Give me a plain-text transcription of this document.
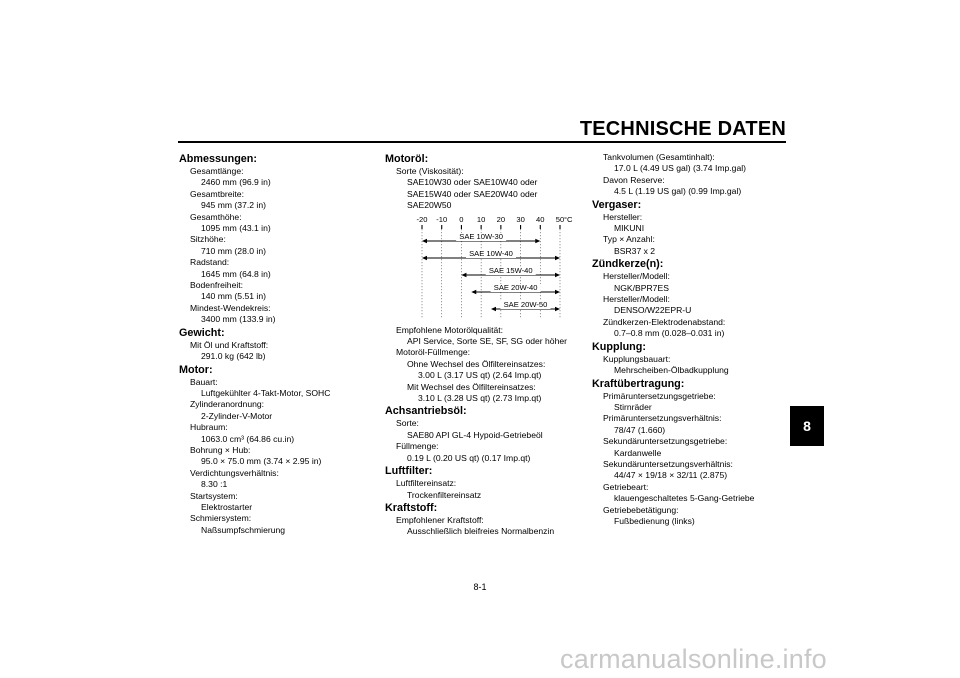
TECHNISCHE DATEN
8
Abmessungen:
Gesamtlänge:
2460 mm (96.9 in)
Gesamtbreite:
945 mm (37.2 in)
Gesamthöhe:
1095 mm (43.1 in)
Sitzhöhe:
710 mm (28.0 in)
Radstand:
1645 mm (64.8 in)
Bodenfreiheit:
140 mm (5.51 in)
Mindest-Wendekreis:
3400 mm (133.9 in)
Gewicht:
Mit Öl und Kraftstoff:
291.0 kg (642 lb)
Motor:
Bauart:
Luftgekühlter 4-Takt-Motor, SOHC
Zylinderanordnung:
2-Zylinder-V-Motor
Hubraum:
1063.0 cm³ (64.86 cu.in)
Bohrung × Hub:
95.0 × 75.0 mm (3.74 × 2.95 in)
Verdichtungsverhältnis:
8.30 :1
Startsystem:
Elektrostarter
Schmiersystem:
Naßsumpfschmierung
Motoröl:
Sorte (Viskosität):
SAE10W30 oder SAE10W40 oder
SAE15W40 oder SAE20W40 oder
SAE20W50
-20 -10 0 10 20 30 40 50 °C
SAE 10W-30
SAE 10W-40
SAE 15W-40
SAE 20W-40
SAE 20W-50
Empfohlene Motorölqualität:
API Service, Sorte SE, SF, SG oder höher
Motoröl-Füllmenge:
Ohne Wechsel des Ölfiltereinsatzes:
3.00 L (3.17 US qt) (2.64 Imp.qt)
Mit Wechsel des Ölfiltereinsatzes:
3.10 L (3.28 US qt) (2.73 Imp.qt)
Achsantriebsöl:
Sorte:
SAE80 API GL-4 Hypoid-Getriebeöl
Füllmenge:
0.19 L (0.20 US qt) (0.17 Imp.qt)
Luftfilter:
Luftfiltereinsatz:
Trockenfiltereinsatz
Kraftstoff:
Empfohlener Kraftstoff:
Ausschließlich bleifreies Normalbenzin
Tankvolumen (Gesamtinhalt):
17.0 L (4.49 US gal) (3.74 Imp.gal)
Davon Reserve:
4.5 L (1.19 US gal) (0.99 Imp.gal)
Vergaser:
Hersteller:
MIKUNI
Typ × Anzahl:
BSR37 x 2
Zündkerze(n):
Hersteller/Modell:
NGK/BPR7ES
Hersteller/Modell:
DENSO/W22EPR-U
Zündkerzen-Elektrodenabstand:
0.7–0.8 mm (0.028–0.031 in)
Kupplung:
Kupplungsbauart:
Mehrscheiben-Ölbadkupplung
Kraftübertragung:
Primäruntersetzungsgetriebe:
Stirnräder
Primäruntersetzungsverhältnis:
78/47 (1.660)
Sekundäruntersetzungsgetriebe:
Kardanwelle
Sekundäruntersetzungsverhältnis:
44/47 × 19/18 × 32/11 (2.875)
Getriebeart:
klauengeschaltetes 5-Gang-Getriebe
Getriebebetätigung:
Fußbedienung (links)
8-1
carmanualsonline.info
